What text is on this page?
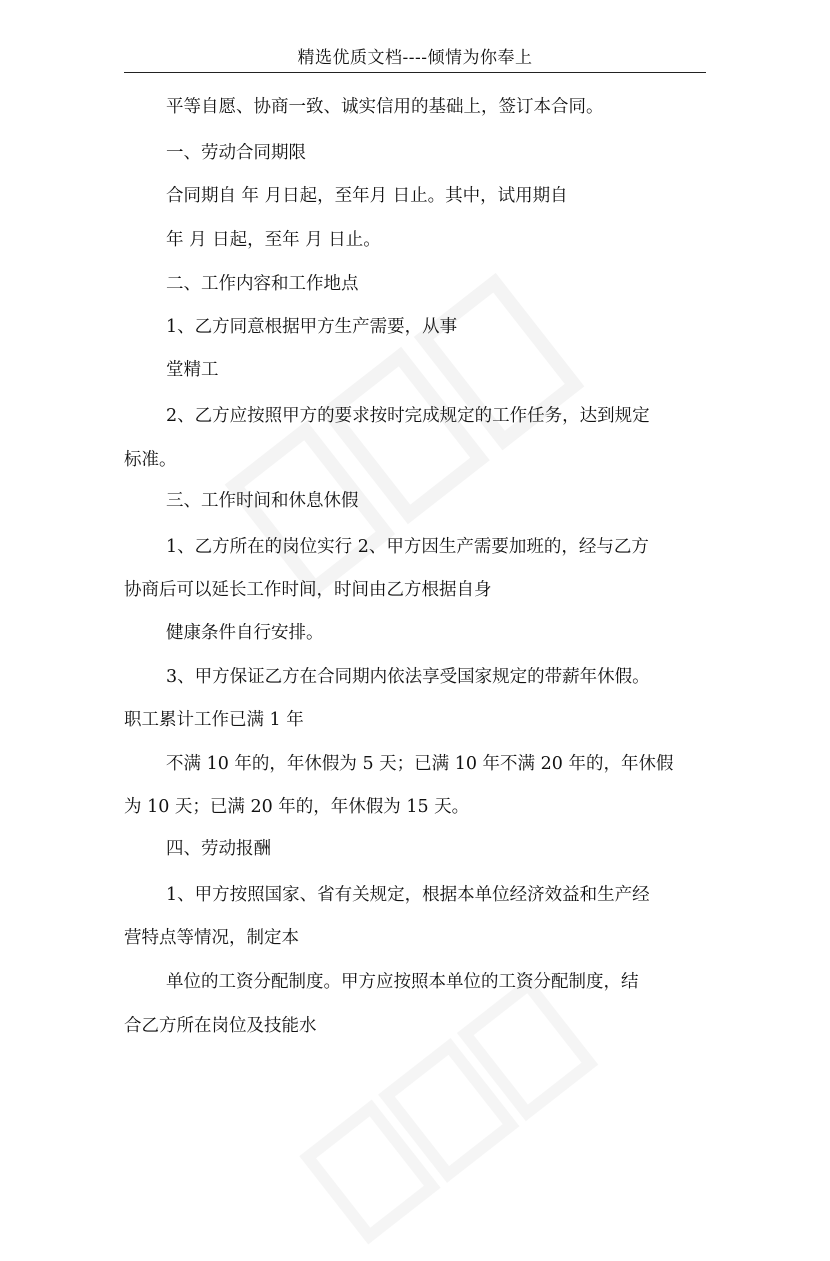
精选优质文档----倾情为你奉上
平等自愿、协商一致、诚实信用的基础上，签订本合同。
一、劳动合同期限
合同期自 年 月日起，至年月 日止。其中，试用期自
年 月 日起，至年 月 日止。
二、工作内容和工作地点
1、乙方同意根据甲方生产需要，从事
堂精工
2、乙方应按照甲方的要求按时完成规定的工作任务，达到规定
标准。
三、工作时间和休息休假
1、乙方所在的岗位实行 2、甲方因生产需要加班的，经与乙方
协商后可以延长工作时间，时间由乙方根据自身
健康条件自行安排。
3、甲方保证乙方在合同期内依法享受国家规定的带薪年休假。
职工累计工作已满 1 年
不满 10 年的，年休假为 5 天；已满 10 年不满 20 年的，年休假
为 10 天；已满 20 年的，年休假为 15 天。
四、劳动报酬
1、甲方按照国家、省有关规定，根据本单位经济效益和生产经
营特点等情况，制定本
单位的工资分配制度。甲方应按照本单位的工资分配制度，结
合乙方所在岗位及技能水
